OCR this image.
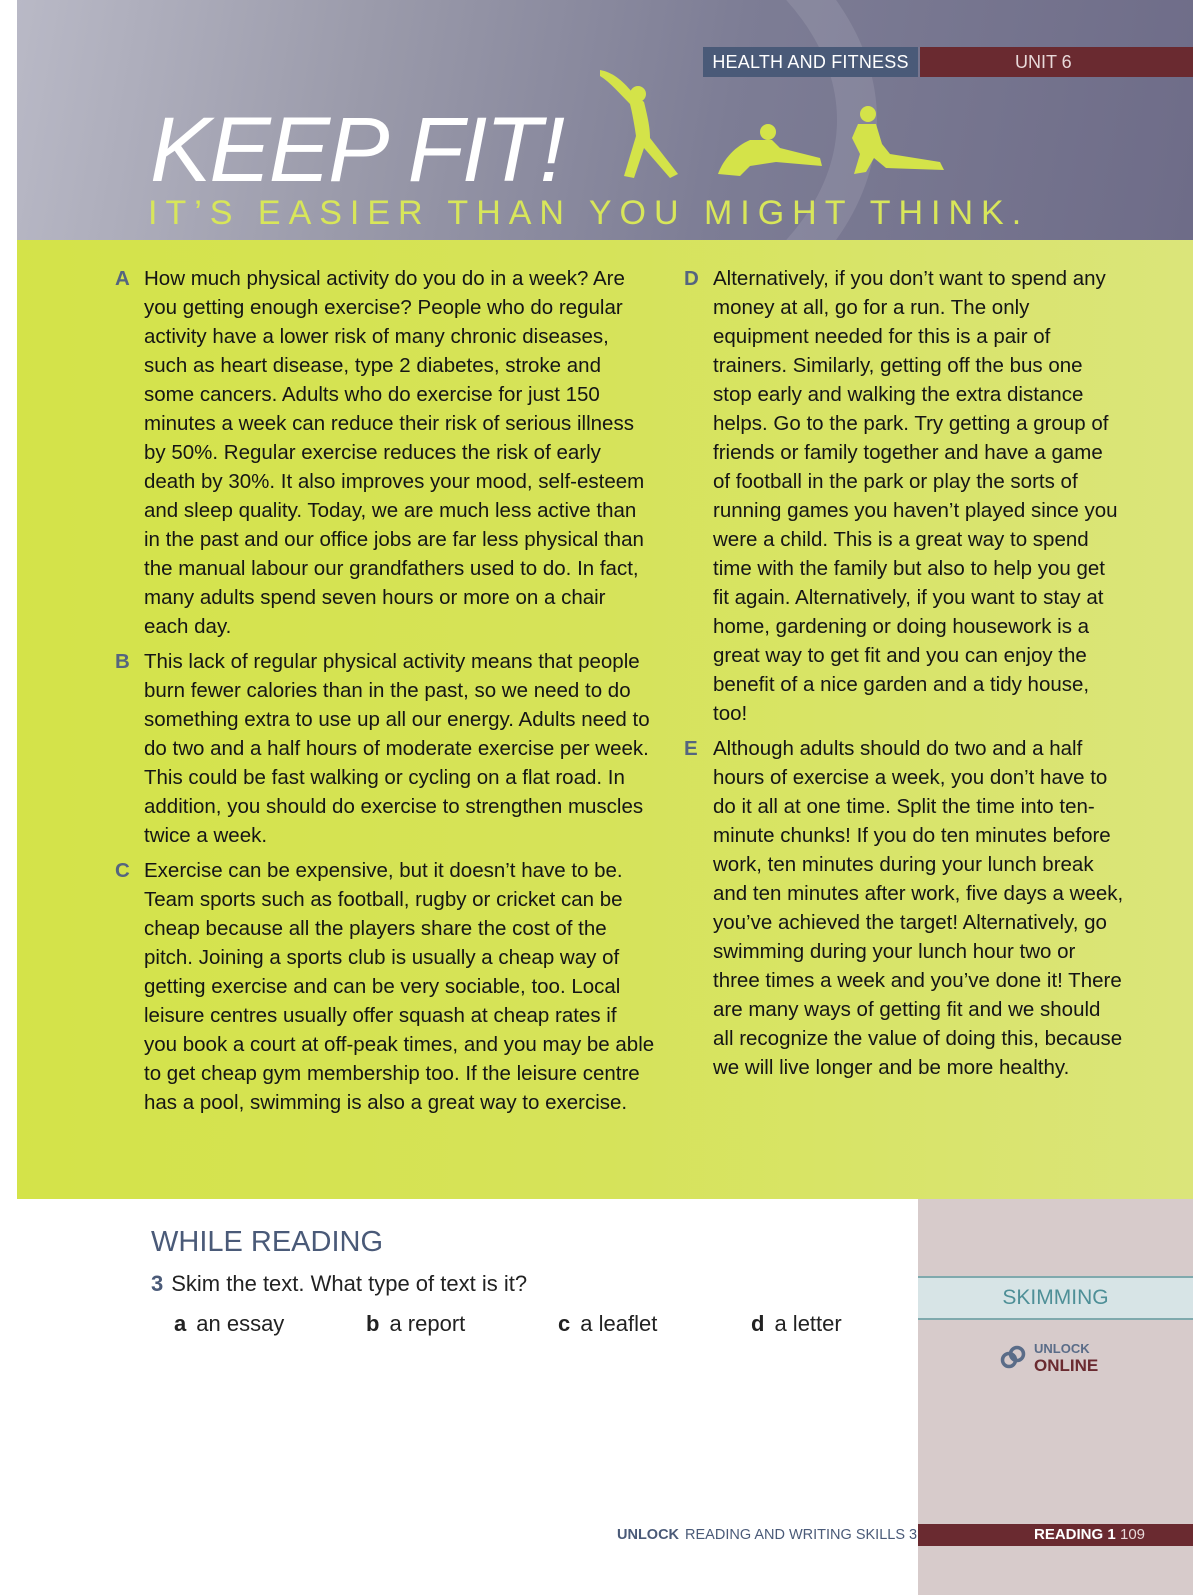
HEALTH AND FITNESS	UNIT 6
KEEP FIT!
IT’S EASIER THAN YOU MIGHT THINK.
A How much physical activity do you do in a week? Are you getting enough exercise? People who do regular activity have a lower risk of many chronic diseases, such as heart disease, type 2 diabetes, stroke and some cancers. Adults who do exercise for just 150 minutes a week can reduce their risk of serious illness by 50%. Regular exercise reduces the risk of early death by 30%. It also improves your mood, self-esteem and sleep quality. Today, we are much less active than in the past and our office jobs are far less physical than the manual labour our grandfathers used to do. In fact, many adults spend seven hours or more on a chair each day.
B This lack of regular physical activity means that people burn fewer calories than in the past, so we need to do something extra to use up all our energy. Adults need to do two and a half hours of moderate exercise per week. This could be fast walking or cycling on a flat road. In addition, you should do exercise to strengthen muscles twice a week.
C Exercise can be expensive, but it doesn’t have to be. Team sports such as football, rugby or cricket can be cheap because all the players share the cost of the pitch. Joining a sports club is usually a cheap way of getting exercise and can be very sociable, too. Local leisure centres usually offer squash at cheap rates if you book a court at off-peak times, and you may be able to get cheap gym membership too. If the leisure centre has a pool, swimming is also a great way to exercise.
D Alternatively, if you don’t want to spend any money at all, go for a run. The only equipment needed for this is a pair of trainers. Similarly, getting off the bus one stop early and walking the extra distance helps. Go to the park. Try getting a group of friends or family together and have a game of football in the park or play the sorts of running games you haven’t played since you were a child. This is a great way to spend time with the family but also to help you get fit again. Alternatively, if you want to stay at home, gardening or doing housework is a great way to get fit and you can enjoy the benefit of a nice garden and a tidy house, too!
E Although adults should do two and a half hours of exercise a week, you don’t have to do it all at one time. Split the time into ten-minute chunks! If you do ten minutes before work, ten minutes during your lunch break and ten minutes after work, five days a week, you’ve achieved the target! Alternatively, go swimming during your lunch hour two or three times a week and you’ve done it! There are many ways of getting fit and we should all recognize the value of doing this, because we will live longer and be more healthy.
SKIMMING
UNLOCK
ONLINE
WHILE READING
3 Skim the text. What type of text is it?
a an essay	b a report	c a leaflet	d a letter
UNLOCK READING AND WRITING SKILLS 3	READING 1 109
